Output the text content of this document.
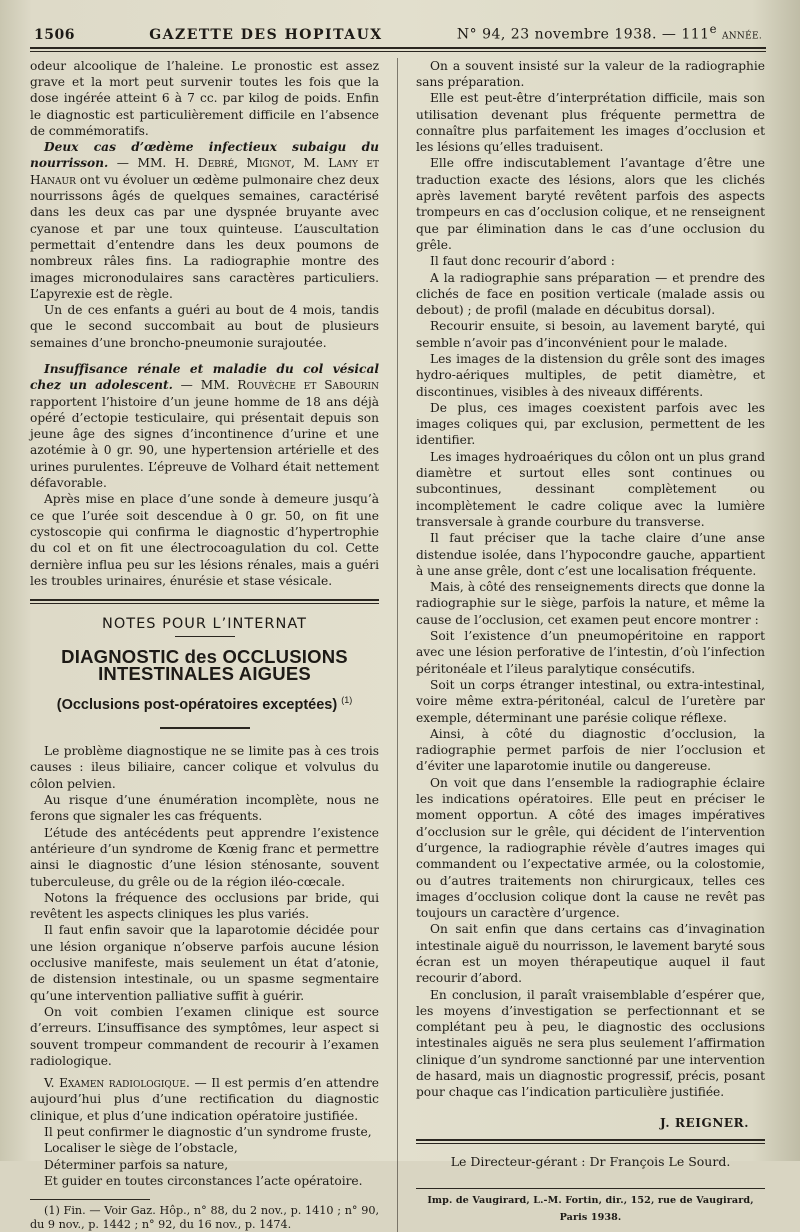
1506	GAZETTE DES HOPITAUX	N° 94, 23 novembre 1938. — 111e ANNÉE.

odeur alcoolique de l’haleine. Le pronostic est assez grave et la mort peut survenir toutes les fois que la dose ingérée atteint 6 à 7 cc. par kilog de poids. Enfin le diagnostic est particulièrement difficile en l’absence de commémoratifs.

Deux cas d’œdème infectieux subaigu du nourrisson. — MM. H. Debré, Mignot, M. Lamy et Hanaur ont vu évoluer un œdème pulmonaire chez deux nourrissons âgés de quelques semaines, caractérisé dans les deux cas par une dyspnée bruyante avec cyanose et par une toux quinteuse. L’auscultation permettait d’entendre dans les deux poumons de nombreux râles fins. La radiographie montre des images micronodulaires sans caractères particuliers. L’apyrexie est de règle.

Un de ces enfants a guéri au bout de 4 mois, tandis que le second succombait au bout de plusieurs semaines d’une broncho-pneumonie surajoutée.

Insuffisance rénale et maladie du col vésical chez un adolescent. — MM. Rouvèche et Sabourin rapportent l’histoire d’un jeune homme de 18 ans déjà opéré d’ectopie testiculaire, qui présentait depuis son jeune âge des signes d’incontinence d’urine et une azotémie à 0 gr. 90, une hypertension artérielle et des urines purulentes. L’épreuve de Volhard était nettement défavorable.

Après mise en place d’une sonde à demeure jusqu’à ce que l’urée soit descendue à 0 gr. 50, on fit une cystoscopie qui confirma le diagnostic d’hypertrophie du col et on fit une électrocoagulation du col. Cette dernière influa peu sur les lésions rénales, mais a guéri les troubles urinaires, énurésie et stase vésicale.

NOTES POUR L’INTERNAT
DIAGNOSTIC des OCCLUSIONS INTESTINALES AIGUES
(Occlusions post-opératoires exceptées) $^{(1)}$

Le problème diagnostique ne se limite pas à ces trois causes : ileus biliaire, cancer colique et volvulus du côlon pelvien.

Au risque d’une énumération incomplète, nous ne ferons que signaler les cas fréquents.

L’étude des antécédents peut apprendre l’existence antérieure d’un syndrome de Kœnig franc et permettre ainsi le diagnostic d’une lésion sténosante, souvent tuberculeuse, du grêle ou de la région iléo-cœcale.

Notons la fréquence des occlusions par bride, qui revêtent les aspects cliniques les plus variés.

Il faut enfin savoir que la laparotomie décidée pour une lésion organique n’observe parfois aucune lésion occlusive manifeste, mais seulement un état d’atonie, de distension intestinale, ou un spasme segmentaire qu’une intervention palliative suffit à guérir.

On voit combien l’examen clinique est source d’erreurs. L’insuffisance des symptômes, leur aspect si souvent trompeur commandent de recourir à l’examen radiologique.

V. Examen radiologique. — Il est permis d’en attendre aujourd’hui plus d’une rectification du diagnostic clinique, et plus d’une indication opératoire justifiée.

Il peut confirmer le diagnostic d’un syndrome fruste,

Localiser le siège de l’obstacle,

Déterminer parfois sa nature,

Et guider en toutes circonstances l’acte opératoire.

(1) Fin. — Voir Gaz. Hôp., n° 88, du 2 nov., p. 1410 ; n° 90, du 9 nov., p. 1442 ; n° 92, du 16 nov., p. 1474.

On a souvent insisté sur la valeur de la radiographie sans préparation.

Elle est peut-être d’interprétation difficile, mais son utilisation devenant plus fréquente permettra de connaître plus parfaitement les images d’occlusion et les lésions qu’elles traduisent.

Elle offre indiscutablement l’avantage d’être une traduction exacte des lésions, alors que les clichés après lavement baryté revêtent parfois des aspects trompeurs en cas d’occlusion colique, et ne renseignent que par élimination dans le cas d’une occlusion du grêle.

Il faut donc recourir d’abord :

A la radiographie sans préparation — et prendre des clichés de face en position verticale (malade assis ou debout) ; de profil (malade en décubitus dorsal).

Recourir ensuite, si besoin, au lavement baryté, qui semble n’avoir pas d’inconvénient pour le malade.

Les images de la distension du grêle sont des images hydro-aériques multiples, de petit diamètre, et discontinues, visibles à des niveaux différents.

De plus, ces images coexistent parfois avec les images coliques qui, par exclusion, permettent de les identifier.

Les images hydroaériques du côlon ont un plus grand diamètre et surtout elles sont continues ou subcontinues, dessinant complètement ou incomplètement le cadre colique avec la lumière transversale à grande courbure du transverse.

Il faut préciser que la tache claire d’une anse distendue isolée, dans l’hypocondre gauche, appartient à une anse grêle, dont c’est une localisation fréquente.

Mais, à côté des renseignements directs que donne la radiographie sur le siège, parfois la nature, et même la cause de l’occlusion, cet examen peut encore montrer :

Soit l’existence d’un pneumopéritoine en rapport avec une lésion perforative de l’intestin, d’où l’infection péritonéale et l’ileus paralytique consécutifs.

Soit un corps étranger intestinal, ou extra-intestinal, voire même extra-péritonéal, calcul de l’uretère par exemple, déterminant une parésie colique réflexe.

Ainsi, à côté du diagnostic d’occlusion, la radiographie permet parfois de nier l’occlusion et d’éviter une laparotomie inutile ou dangereuse.

On voit que dans l’ensemble la radiographie éclaire les indications opératoires. Elle peut en préciser le moment opportun. A côté des images impératives d’occlusion sur le grêle, qui décident de l’intervention d’urgence, la radiographie révèle d’autres images qui commandent ou l’expectative armée, ou la colostomie, ou d’autres traitements non chirurgicaux, telles ces images d’occlusion colique dont la cause ne revêt pas toujours un caractère d’urgence.

On sait enfin que dans certains cas d’invagination intestinale aiguë du nourrisson, le lavement baryté sous écran est un moyen thérapeutique auquel il faut recourir d’abord.

En conclusion, il paraît vraisemblable d’espérer que, les moyens d’investigation se perfectionnant et se complétant peu à peu, le diagnostic des occlusions intestinales aiguës ne sera plus seulement l’affirmation clinique d’un syndrome sanctionné par une intervention de hasard, mais un diagnostic progressif, précis, posant pour chaque cas l’indication particulière justifiée.

J. REIGNER.
Le Directeur-gérant : Dr François Le Sourd.
Imp. de Vaugirard, L.-M. Fortin, dir., 152, rue de Vaugirard, Paris 1938.
